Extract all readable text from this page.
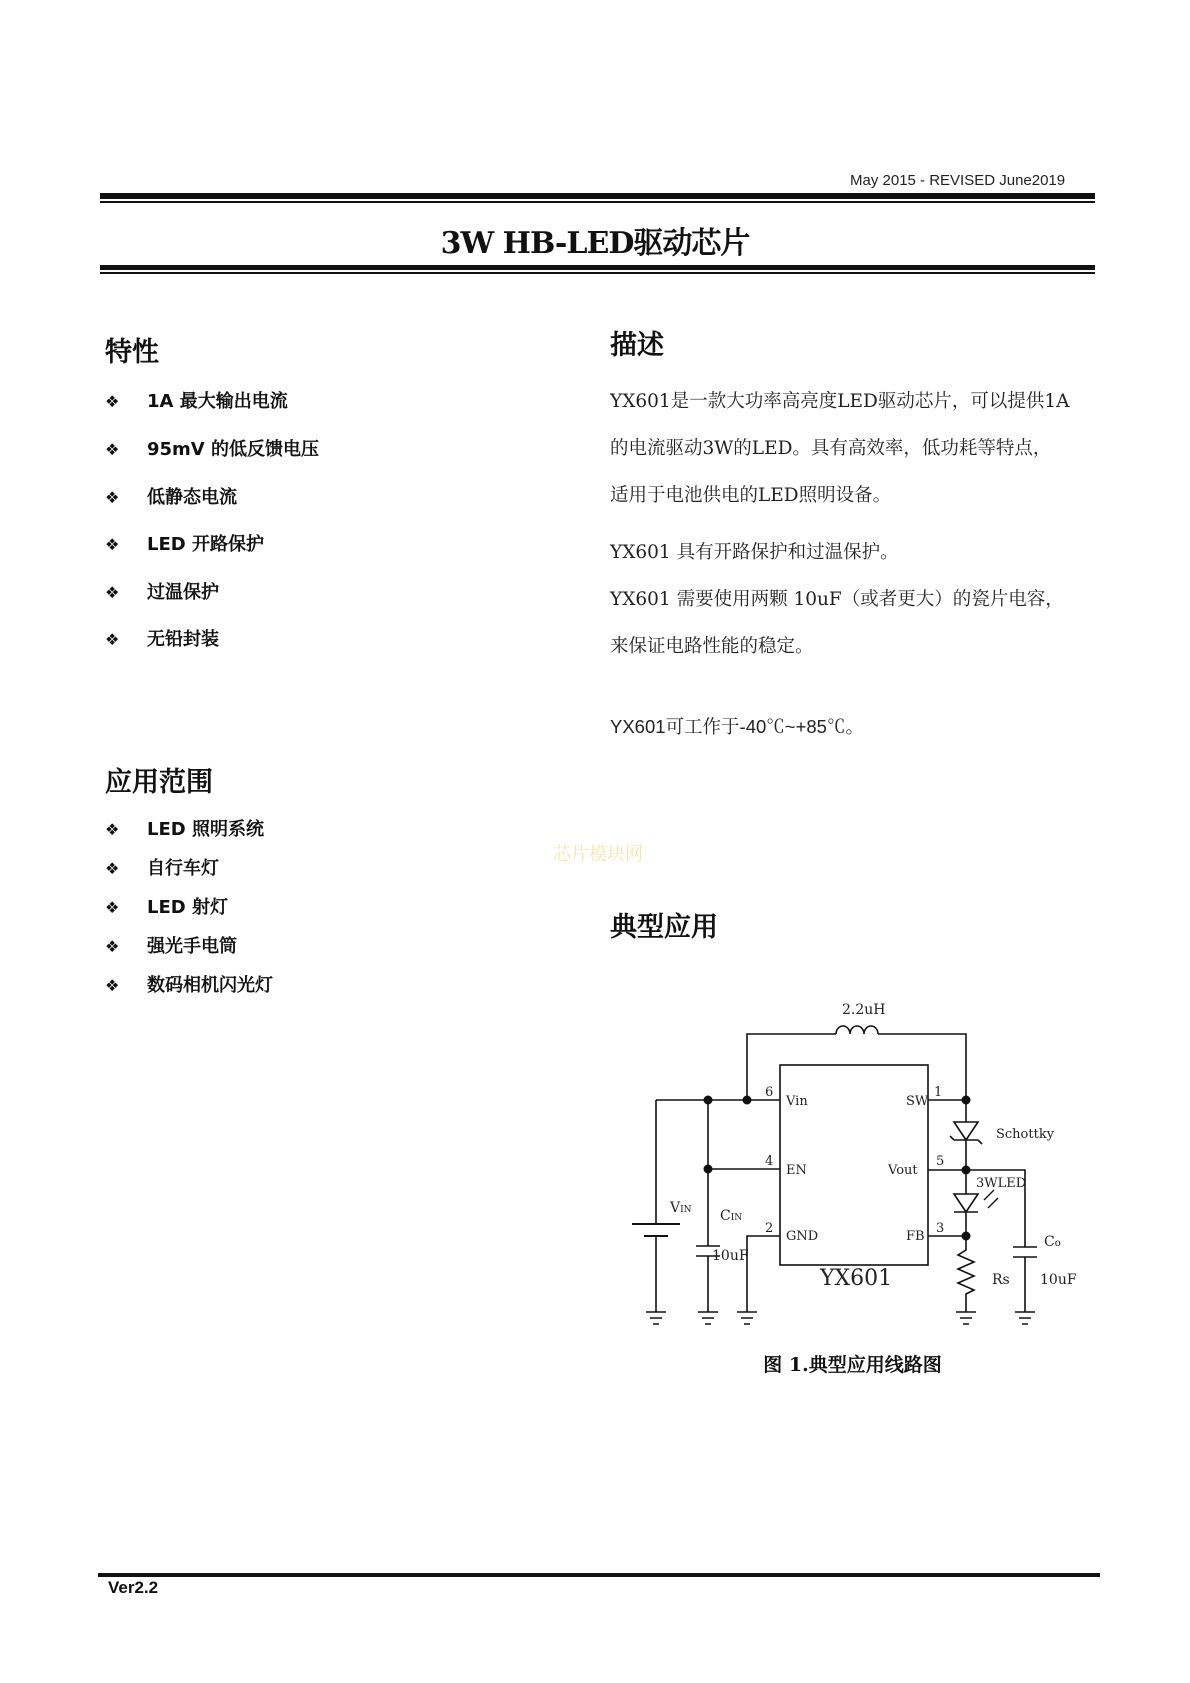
May 2015 - REVISED June2019
3W HB-LED驱动芯片
特性
❖ 1A 最大输出电流
❖ 95mV 的低反馈电压
❖ 低静态电流
❖ LED 开路保护
❖ 过温保护
❖ 无铅封装
应用范围
❖ LED 照明系统
❖ 自行车灯
❖ LED 射灯
❖ 强光手电筒
❖ 数码相机闪光灯
描述
YX601是一款大功率高亮度LED驱动芯片，可以提供1A
的电流驱动3W的LED。具有高效率，低功耗等特点，
适用于电池供电的LED照明设备。
YX601 具有开路保护和过温保护。
YX601 需要使用两颗 10uF（或者更大）的瓷片电容，
来保证电路性能的稳定。
YX601可工作于-40℃~+85℃。
芯片模块网
典型应用
2.2uH
6
4
2
1
5
3
Vin
EN
GND
SW
Vout
FB
YX601
VIN CIN
10uF
Schottky
3WLED
Rs
Co
10uF
图 1.典型应用线路图
Ver2.2
